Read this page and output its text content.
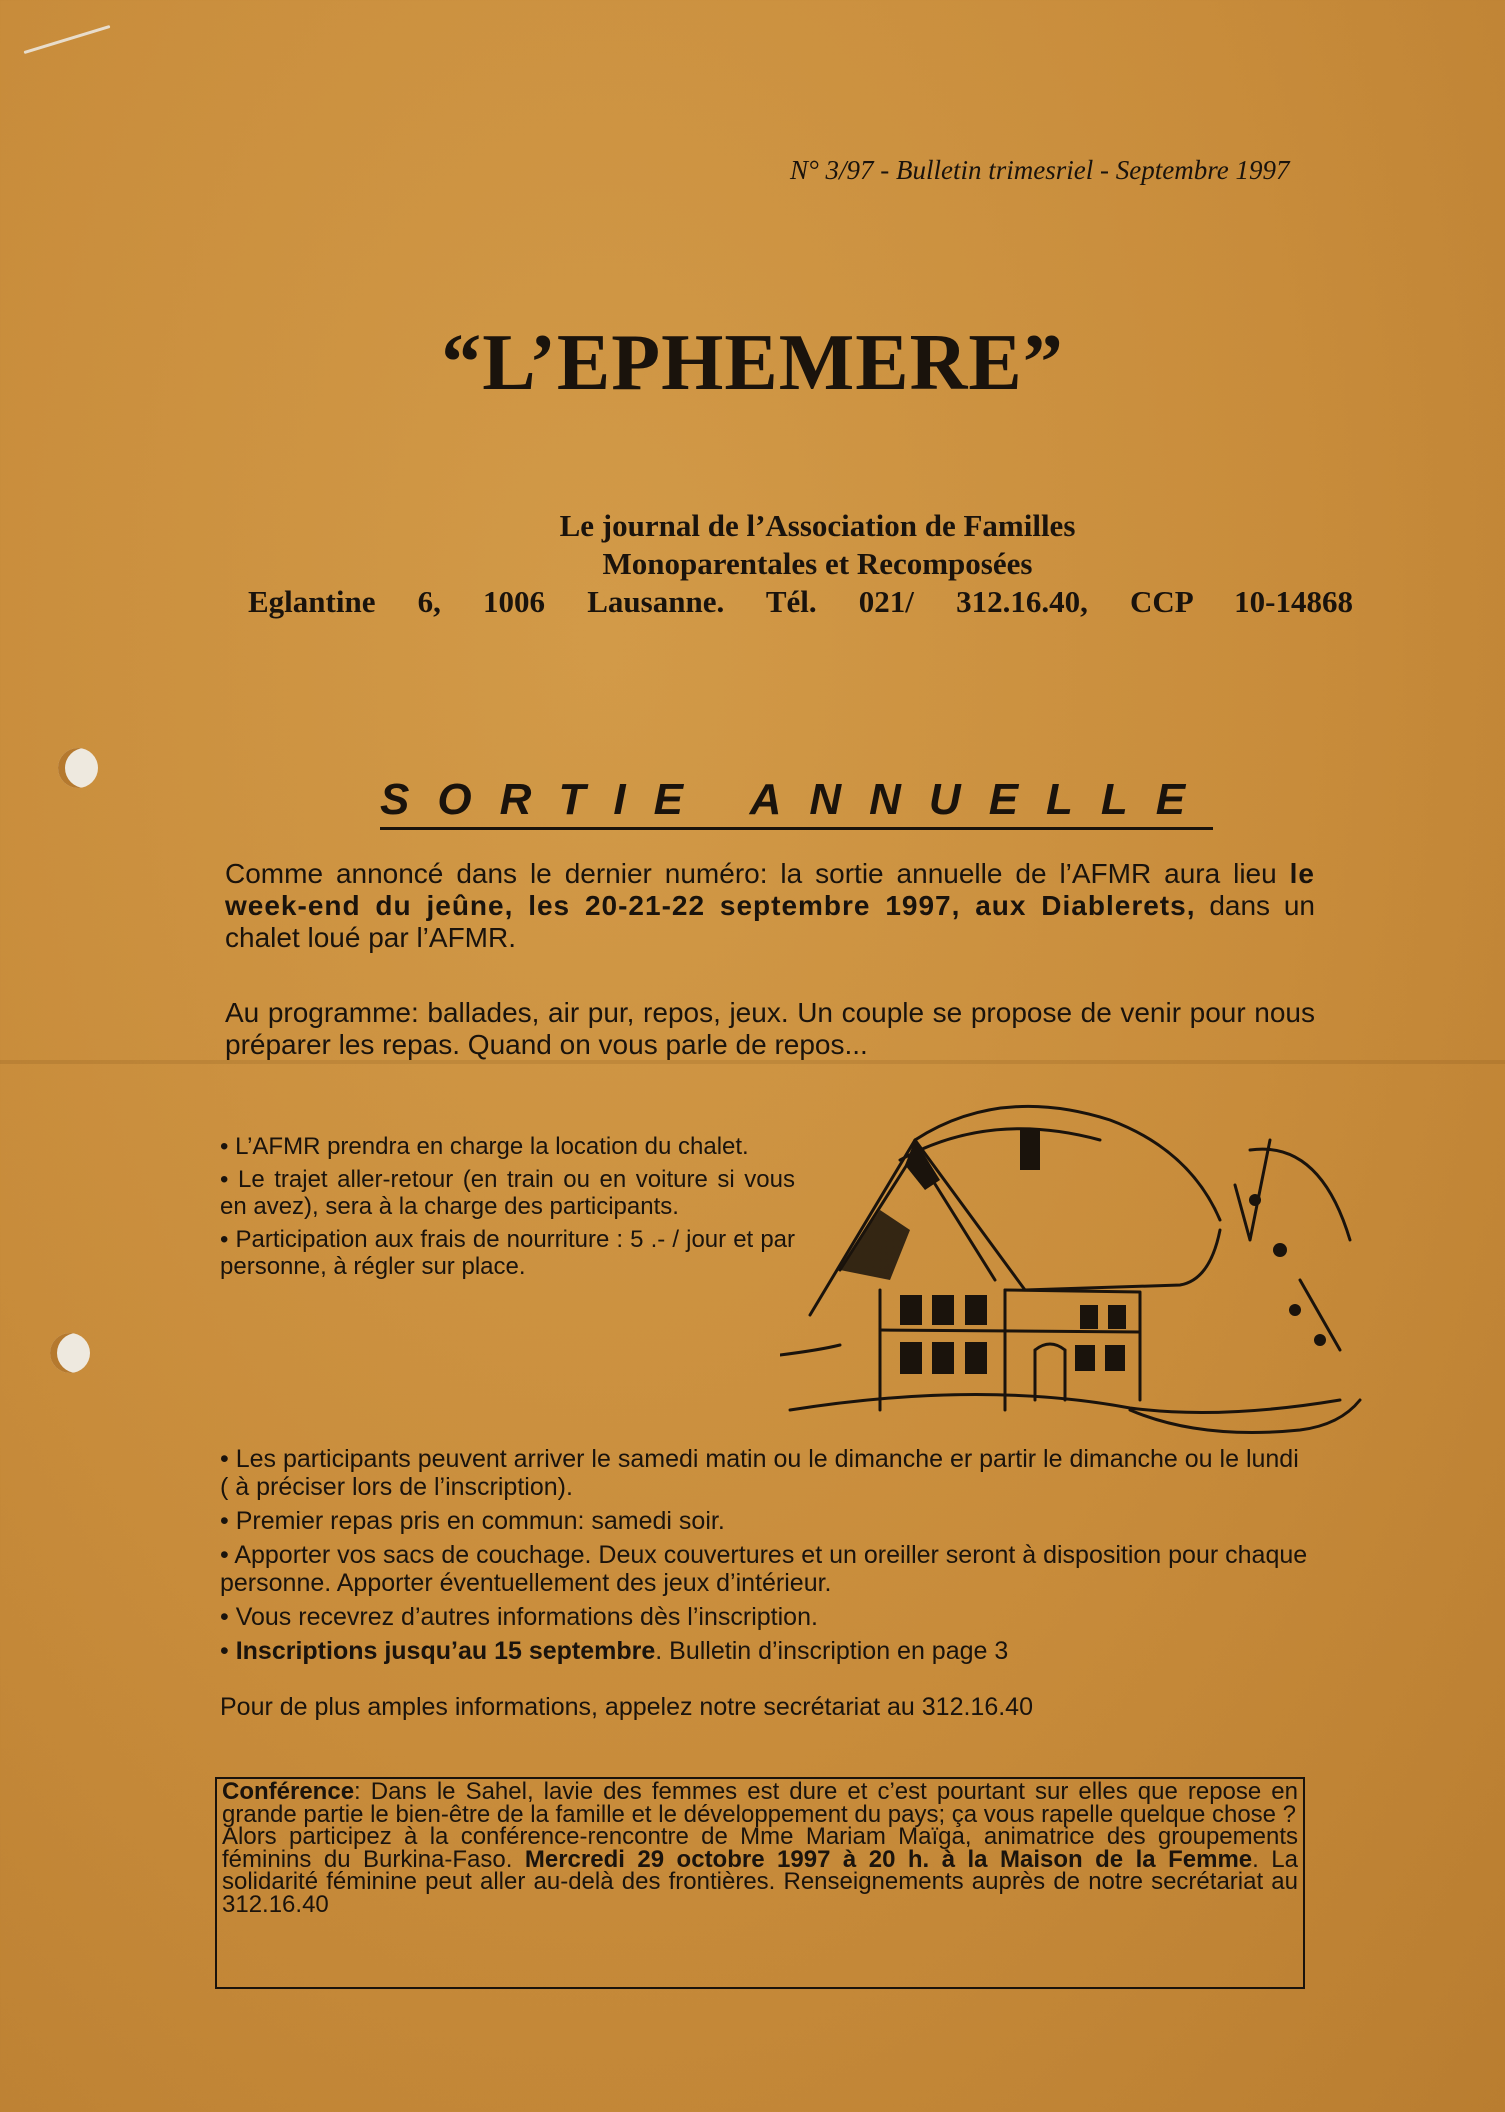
N° 3/97 - Bulletin trimesriel - Septembre 1997
“L’EPHEMERE”
Le journal de l’Association de Familles
Monoparentales et Recomposées
Eglantine 6, 1006 Lausanne. Tél. 021/ 312.16.40, CCP 10-14868
SORTIE ANNUELLE
Comme annoncé dans le dernier numéro: la sortie annuelle de l’AFMR aura lieu le week-end du jeûne, les 20-21-22 septembre 1997, aux Diablerets, dans un chalet loué par l’AFMR.
Au programme: ballades, air pur, repos, jeux. Un couple se propose de venir pour nous préparer les repas. Quand on vous parle de repos...

• L’AFMR prendra en charge la location du chalet.

• Le trajet aller-retour (en train ou en voiture si vous en avez), sera à la charge des participants.

• Participation aux frais de nourriture : 5 .- / jour et par personne, à régler sur place.

• Les participants peuvent arriver le samedi matin ou le dimanche er partir le dimanche ou le lundi ( à préciser lors de l’inscription).

• Premier repas pris en commun: samedi soir.

• Apporter vos sacs de couchage. Deux couvertures et un oreiller seront à disposition pour chaque personne. Apporter éventuellement des jeux d’intérieur.

• Vous recevrez d’autres informations dès l’inscription.

• Inscriptions jusqu’au 15 septembre. Bulletin d’inscription en page 3

Pour de plus amples informations, appelez notre secrétariat au 312.16.40
Conférence: Dans le Sahel, lavie des femmes est dure et c’est pourtant sur elles que repose en grande partie le bien-être de la famille et le développement du pays; ça vous rapelle quelque chose ?
Alors participez à la conférence-rencontre de Mme Mariam Maïga, animatrice des groupements féminins du Burkina-Faso. Mercredi 29 octobre 1997 à 20 h. à la Maison de la Femme. La solidarité féminine peut aller au-delà des frontières. Renseignements auprès de notre secrétariat au 312.16.40
